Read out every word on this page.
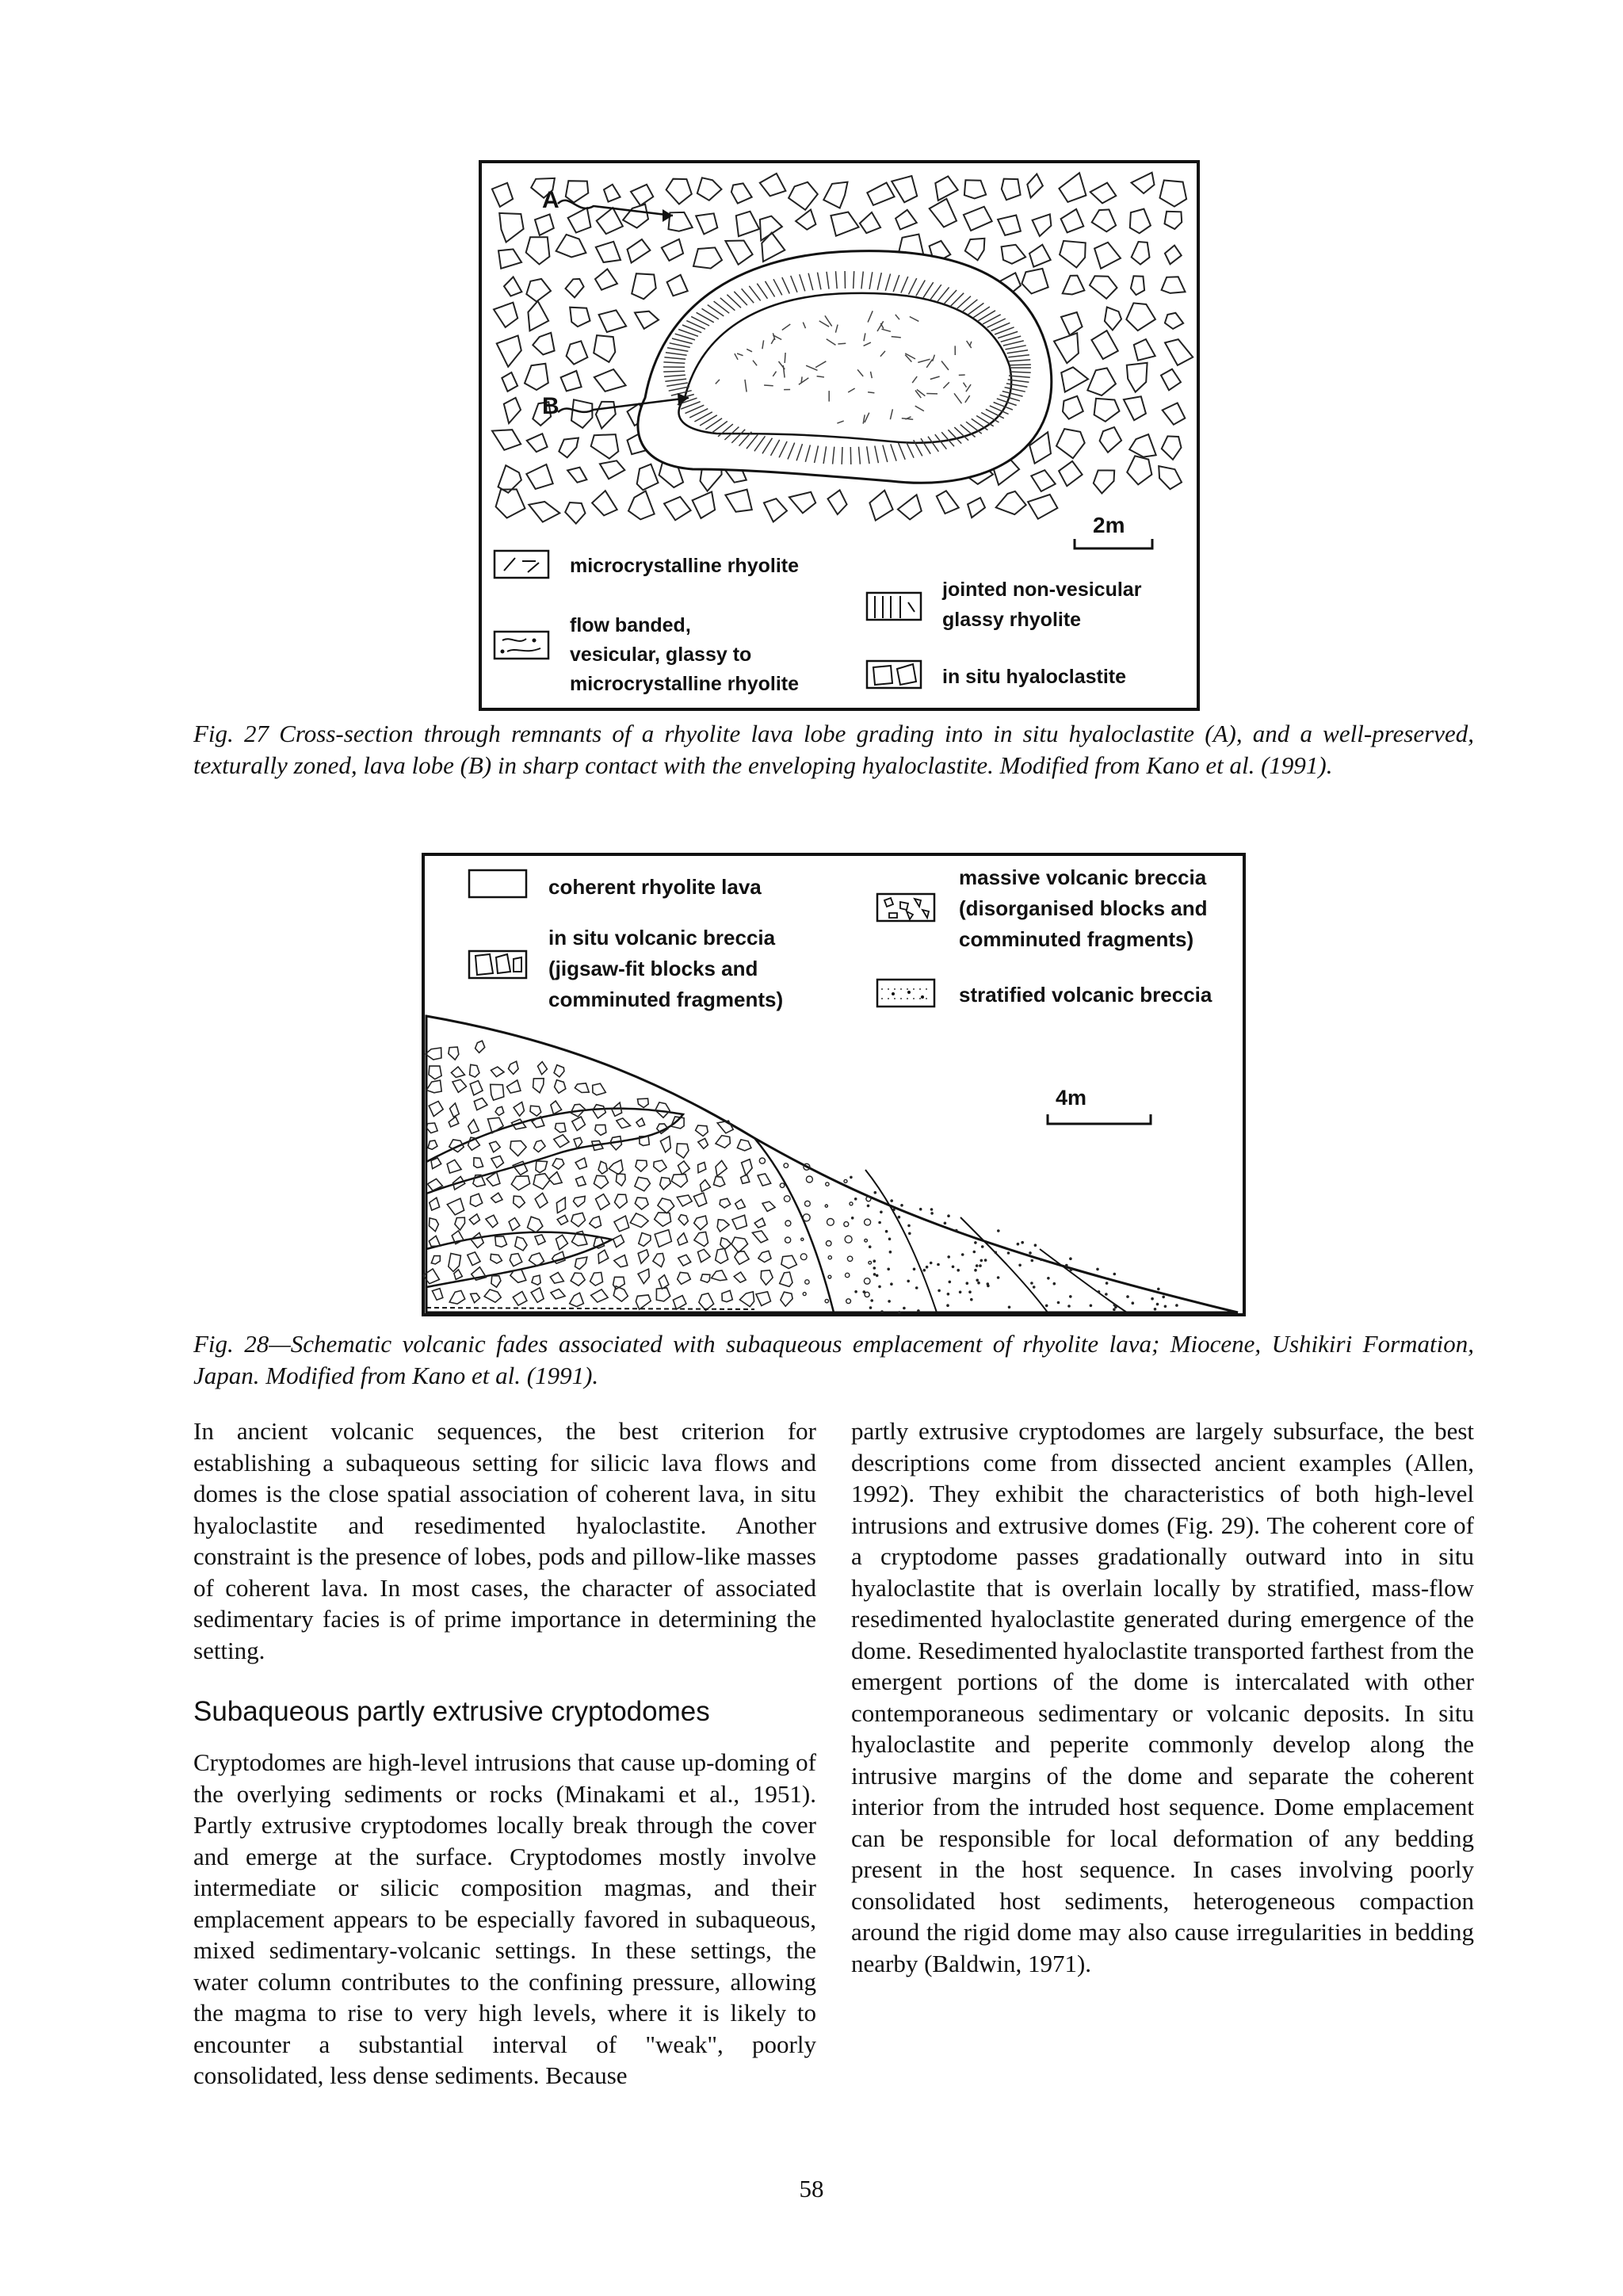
A
B
2m
microcrystalline rhyolite
flow banded,
vesicular, glassy to
microcrystalline rhyolite
jointed non-vesicular
glassy rhyolite
in situ hyaloclastite

Fig. 27 Cross-section through remnants of a rhyolite lava lobe grading into in situ hyaloclastite (A), and a well-preserved, texturally zoned, lava lobe (B) in sharp contact with the enveloping hyaloclastite. Modified from Kano et al. (1991).

coherent rhyolite lava
in situ volcanic breccia
(jigsaw-fit blocks and
comminuted fragments)
massive volcanic breccia
(disorganised blocks and
comminuted fragments)
stratified volcanic breccia
4m

Fig. 28—Schematic volcanic fades associated with subaqueous emplacement of rhyolite lava; Miocene, Ushikiri Formation, Japan. Modified from Kano et al. (1991).

In ancient volcanic sequences, the best criterion for establishing a subaqueous setting for silicic lava flows and domes is the close spatial association of coherent lava, in situ hyaloclastite and resedimented hyaloclastite. Another constraint is the presence of lobes, pods and pillow-like masses of coherent lava. In most cases, the character of associated sedimentary facies is of prime importance in determining the setting.

Subaqueous partly extrusive cryptodomes

Cryptodomes are high-level intrusions that cause up-doming of the overlying sediments or rocks (Minakami et al., 1951). Partly extrusive cryptodomes locally break through the cover and emerge at the surface. Cryptodomes mostly involve intermediate or silicic composition magmas, and their emplacement appears to be especially favored in subaqueous, mixed sedimentary-volcanic settings. In these settings, the water column contributes to the confining pressure, allowing the magma to rise to very high levels, where it is likely to encounter a substantial interval of "weak", poorly consolidated, less dense sediments. Because

partly extrusive cryptodomes are largely subsurface, the best descriptions come from dissected ancient examples (Allen, 1992). They exhibit the characteristics of both high-level intrusions and extrusive domes (Fig. 29). The coherent core of a cryptodome passes gradationally outward into in situ hyaloclastite that is overlain locally by stratified, mass-flow resedimented hyaloclastite generated during emergence of the dome. Resedimented hyaloclastite transported farthest from the emergent portions of the dome is intercalated with other contemporaneous sedimentary or volcanic deposits. In situ hyaloclastite and peperite commonly develop along the intrusive margins of the dome and separate the coherent interior from the intruded host sequence. Dome emplacement can be responsible for local deformation of any bedding present in the host sequence. In cases involving poorly consolidated host sediments, heterogeneous compaction around the rigid dome may also cause irregularities in bedding nearby (Baldwin, 1971).

58
